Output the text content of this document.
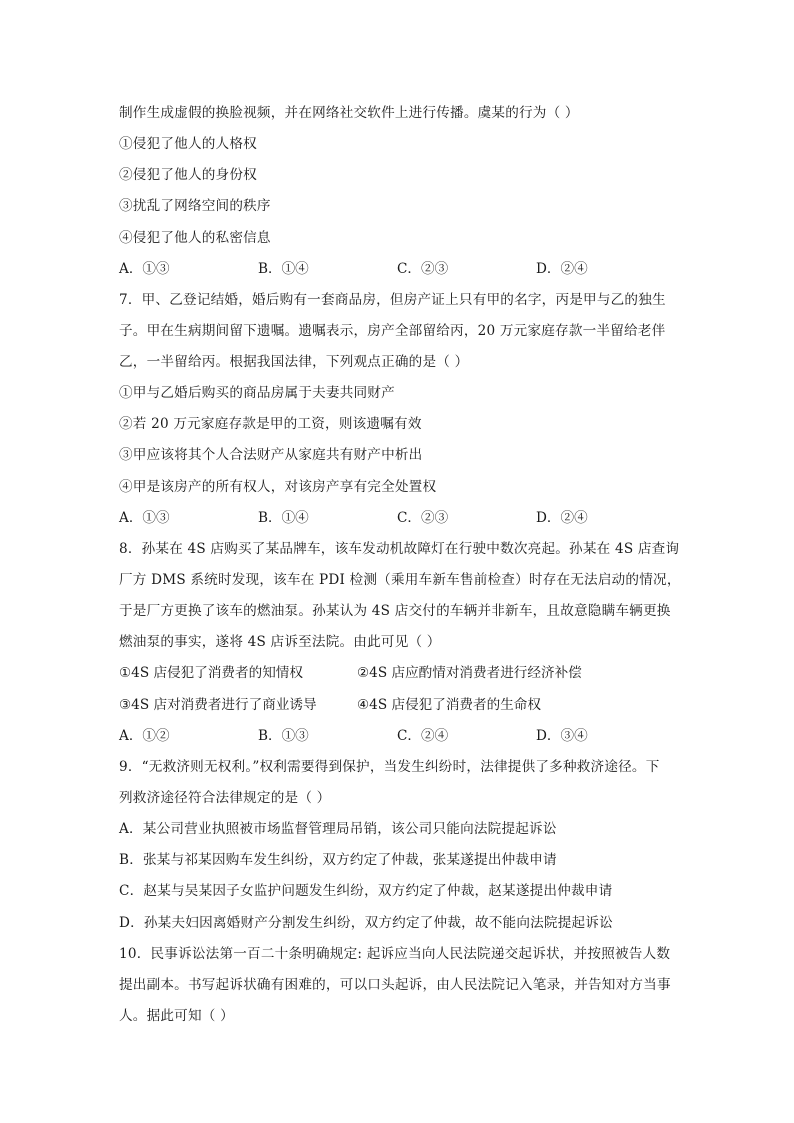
制作生成虚假的换脸视频，并在网络社交软件上进行传播。虞某的行为（ ）
①侵犯了他人的人格权
②侵犯了他人的身份权
③扰乱了网络空间的秩序
④侵犯了他人的私密信息
A．①③	B．①④	C．②③	D．②④
7．甲、乙登记结婚，婚后购有一套商品房，但房产证上只有甲的名字，丙是甲与乙的独生
子。甲在生病期间留下遗嘱。遗嘱表示，房产全部留给丙，20 万元家庭存款一半留给老伴
乙，一半留给丙。根据我国法律，下列观点正确的是（ ）
①甲与乙婚后购买的商品房属于夫妻共同财产
②若 20 万元家庭存款是甲的工资，则该遗嘱有效
③甲应该将其个人合法财产从家庭共有财产中析出
④甲是该房产的所有权人，对该房产享有完全处置权
A．①③	B．①④	C．②③	D．②④
8．孙某在 4S 店购买了某品牌车，该车发动机故障灯在行驶中数次亮起。孙某在 4S 店查询
厂方 DMS 系统时发现，该车在 PDI 检测（乘用车新车售前检查）时存在无法启动的情况，
于是厂方更换了该车的燃油泵。孙某认为 4S 店交付的车辆并非新车，且故意隐瞒车辆更换
燃油泵的事实，遂将 4S 店诉至法院。由此可见（ ）
①4S 店侵犯了消费者的知情权	②4S 店应酌情对消费者进行经济补偿
③4S 店对消费者进行了商业诱导	④4S 店侵犯了消费者的生命权
A．①②	B．①③	C．②④	D．③④
9．“无救济则无权利。”权利需要得到保护，当发生纠纷时，法律提供了多种救济途径。下
列救济途径符合法律规定的是（ ）
A．某公司营业执照被市场监督管理局吊销，该公司只能向法院提起诉讼
B．张某与祁某因购车发生纠纷，双方约定了仲裁，张某遂提出仲裁申请
C．赵某与吴某因子女监护问题发生纠纷，双方约定了仲裁，赵某遂提出仲裁申请
D．孙某夫妇因离婚财产分割发生纠纷，双方约定了仲裁，故不能向法院提起诉讼
10．民事诉讼法第一百二十条明确规定: 起诉应当向人民法院递交起诉状，并按照被告人数
提出副本。书写起诉状确有困难的，可以口头起诉，由人民法院记入笔录，并告知对方当事
人。据此可知（ ）
